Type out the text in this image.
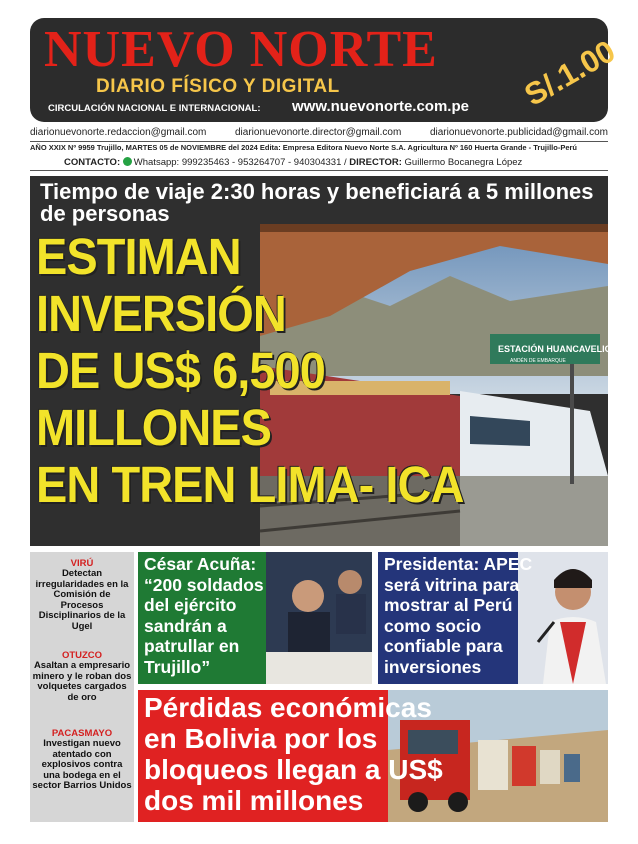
NUEVO NORTE
DIARIO FÍSICO Y DIGITAL
CIRCULACIÓN NACIONAL E INTERNACIONAL: www.nuevonorte.com.pe S/.1.00
diarionuevonorte.redaccion@gmail.com	diarionuevonorte.director@gmail.com	diarionuevonorte.publicidad@gmail.com
AÑO XXIX Nº 9959 Trujillo, MARTES 05 de NOVIEMBRE del 2024 Edita: Empresa Editora Nuevo Norte S.A. Agricultura Nº 160 Huerta Grande - Trujillo-Perú
CONTACTO: Whatsapp: 999235463 - 953264707 - 940304331 / DIRECTOR: Guillermo Bocanegra López
ESTACIÓN HUANCAVELICA
ANDÉN DE EMBARQUE
Tiempo de viaje 2:30 horas y beneficiará a 5 millones de personas
ESTIMAN
INVERSIÓN
DE US$ 6,500
MILLONES
EN TREN LIMA- ICA
VIRÚ
Detectan irregularidades en la Comisión de Procesos Disciplinarios de la Ugel
OTUZCO
Asaltan a empresario minero y le roban dos volquetes cargados de oro
PACASMAYO
Investigan nuevo atentado con explosivos contra una bodega en el sector Barrios Unidos
César Acuña: “200 soldados del ejército sandrán a patrullar en Trujillo”
Presidenta: APEC será vitrina para mostrar al Perú como socio confiable para inversiones
Pérdidas económicas en Bolivia por los bloqueos llegan a US$ dos mil millones
